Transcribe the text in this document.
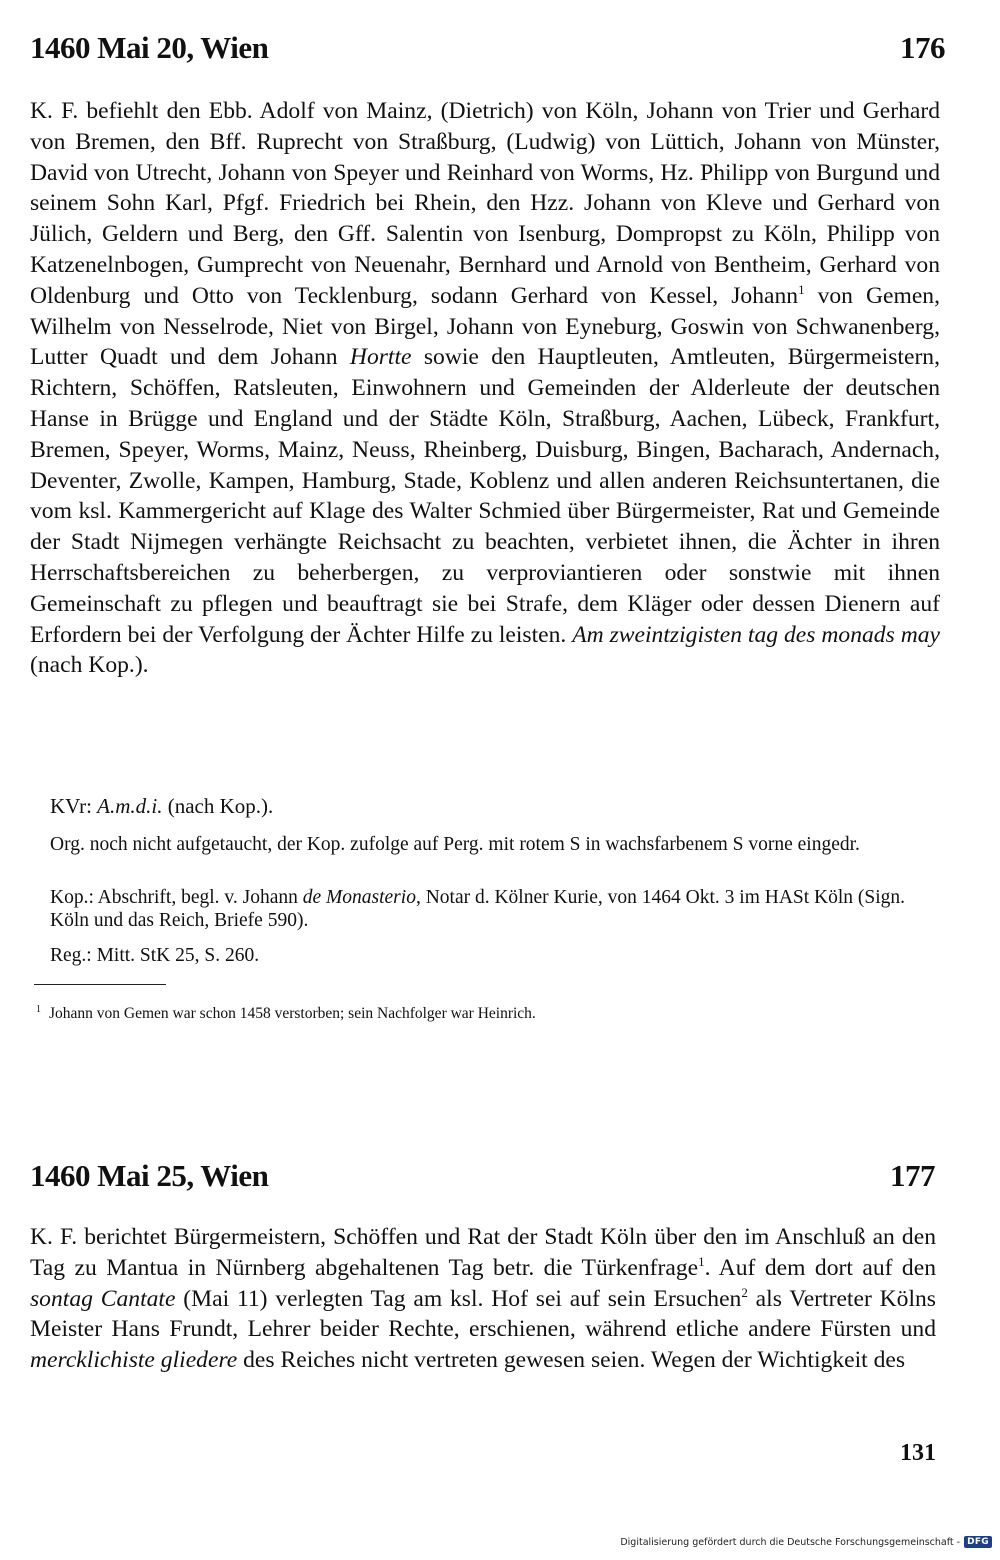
1460 Mai 20, Wien	176

K. F. befiehlt den Ebb. Adolf von Mainz, (Dietrich) von Köln, Johann von Trier und Gerhard von Bremen, den Bff. Ruprecht von Straßburg, (Ludwig) von Lüttich, Johann von Münster, David von Utrecht, Johann von Speyer und Reinhard von Worms, Hz. Philipp von Burgund und seinem Sohn Karl, Pfgf. Friedrich bei Rhein, den Hzz. Johann von Kleve und Gerhard von Jülich, Geldern und Berg, den Gff. Salentin von Isenburg, Dompropst zu Köln, Philipp von Katzenelnbogen, Gumprecht von Neuenahr, Bernhard und Arnold von Bentheim, Gerhard von Oldenburg und Otto von Tecklenburg, sodann Gerhard von Kessel, Johann$^1$ von Gemen, Wilhelm von Nesselrode, Niet von Birgel, Johann von Eyneburg, Goswin von Schwanenberg, Lutter Quadt und dem Johann Hortte sowie den Hauptleuten, Amtleuten, Bürgermeistern, Richtern, Schöffen, Ratsleuten, Einwohnern und Gemeinden der Alderleute der deutschen Hanse in Brügge und England und der Städte Köln, Straßburg, Aachen, Lübeck, Frankfurt, Bremen, Speyer, Worms, Mainz, Neuss, Rheinberg, Duisburg, Bingen, Bacharach, Andernach, Deventer, Zwolle, Kampen, Hamburg, Stade, Koblenz und allen anderen Reichsuntertanen, die vom ksl. Kammergericht auf Klage des Walter Schmied über Bürgermeister, Rat und Gemeinde der Stadt Nijmegen verhängte Reichsacht zu beachten, verbietet ihnen, die Ächter in ihren Herrschaftsbereichen zu beherbergen, zu verproviantieren oder sonstwie mit ihnen Gemeinschaft zu pflegen und beauftragt sie bei Strafe, dem Kläger oder dessen Dienern auf Erfordern bei der Verfolgung der Ächter Hilfe zu leisten. Am zweintzigisten tag des monads may (nach Kop.).

KVr: A.m.d.i. (nach Kop.).
Org. noch nicht aufgetaucht, der Kop. zufolge auf Perg. mit rotem S in wachsfarbenem S vorne eingedr.
Kop.: Abschrift, begl. v. Johann de Monasterio, Notar d. Kölner Kurie, von 1464 Okt. 3 im HASt Köln (Sign. Köln und das Reich, Briefe 590).
Reg.: Mitt. StK 25, S. 260.
$^1$ Johann von Gemen war schon 1458 verstorben; sein Nachfolger war Heinrich.
1460 Mai 25, Wien	177

K. F. berichtet Bürgermeistern, Schöffen und Rat der Stadt Köln über den im Anschluß an den Tag zu Mantua in Nürnberg abgehaltenen Tag betr. die Türkenfrage$^1$. Auf dem dort auf den sontag Cantate (Mai 11) verlegten Tag am ksl. Hof sei auf sein Ersuchen$^2$ als Vertreter Kölns Meister Hans Frundt, Lehrer beider Rechte, erschienen, während etliche andere Fürsten und mercklichiste gliedere des Reiches nicht vertreten gewesen seien. Wegen der Wichtigkeit des

131
Digitalisierung gefördert durch die Deutsche Forschungsgemeinschaft - DFG
